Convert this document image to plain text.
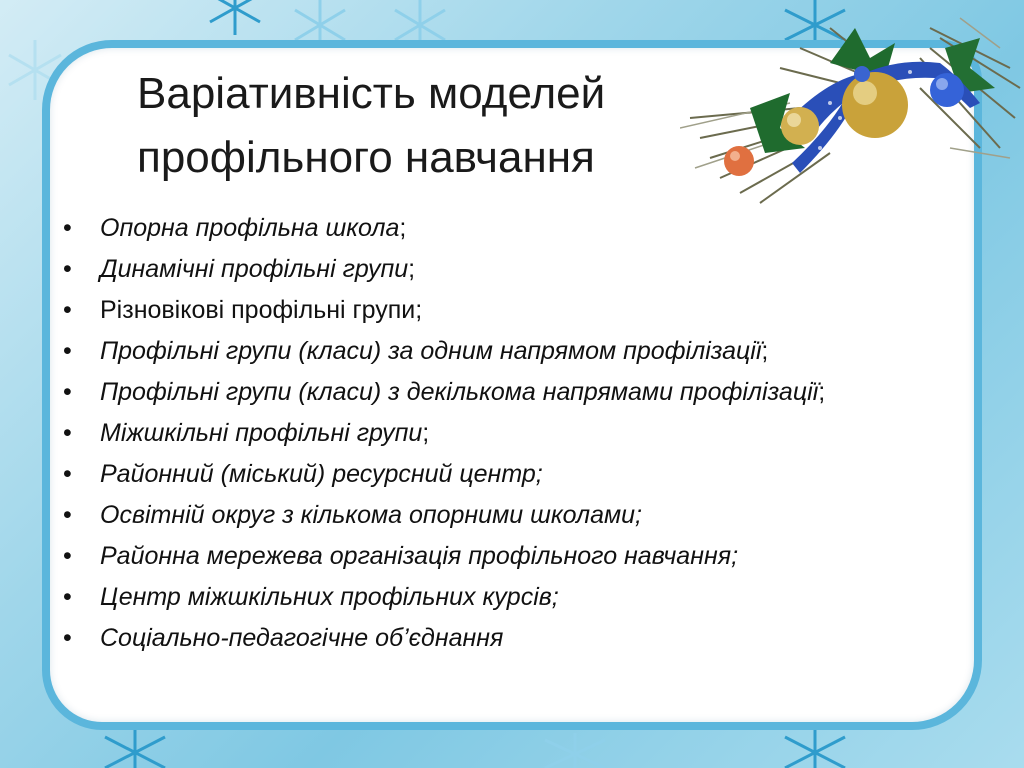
Варіативність моделей
профільного навчання
• Опорна профільна школа;
• Динамічні профільні групи;
• Різновікові профільні групи;
• Профільні групи (класи) за одним напрямом профілізації;
• Профільні групи (класи) з декількома напрямами профілізації;
• Міжшкільні профільні групи;
• Районний (міський) ресурсний центр;
• Освітній округ з кількома опорними школами;
• Районна мережева організація профільного навчання;
• Центр міжшкільних профільних курсів;
• Соціально-педагогічне об’єднання
